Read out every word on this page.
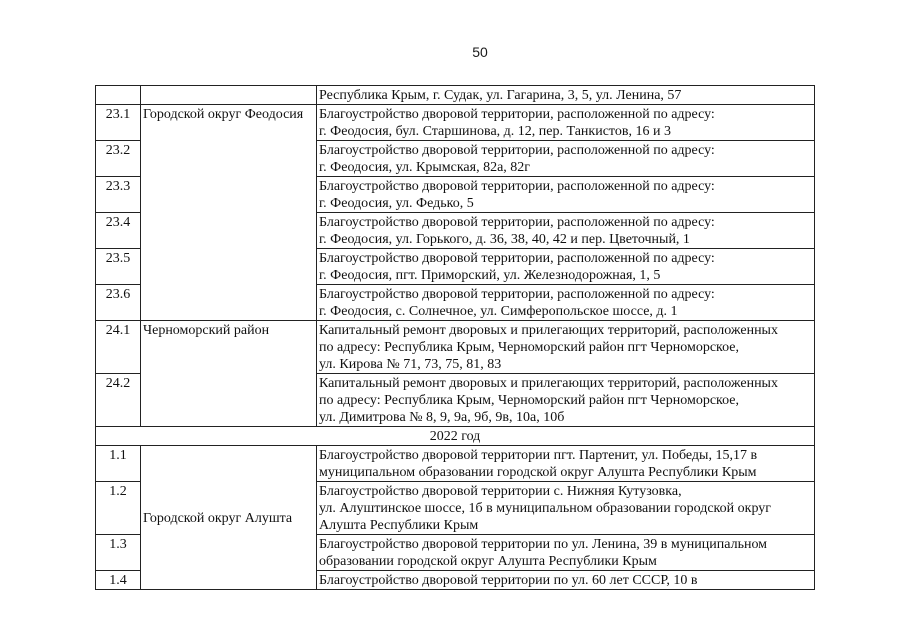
50

		Республика Крым, г. Судак, ул. Гагарина, 3, 5, ул. Ленина, 57

23.1	Городской округ Феодосия	Благоустройство дворовой территории, расположенной по адресу:
г. Феодосия, бул. Старшинова, д. 12, пер. Танкистов, 16 и 3

23.2		Благоустройство дворовой территории, расположенной по адресу:
г. Феодосия, ул. Крымская, 82а, 82г

23.3		Благоустройство дворовой территории, расположенной по адресу:
г. Феодосия, ул. Федько, 5

23.4		Благоустройство дворовой территории, расположенной по адресу:
г. Феодосия, ул. Горького, д. 36, 38, 40, 42 и пер. Цветочный, 1

23.5		Благоустройство дворовой территории, расположенной по адресу:
г. Феодосия, пгт. Приморский, ул. Железнодорожная, 1, 5

23.6		Благоустройство дворовой территории, расположенной по адресу:
г. Феодосия, с. Солнечное, ул. Симферопольское шоссе, д. 1

24.1	Черноморский район	Капитальный ремонт дворовых и прилегающих территорий, расположенных
по адресу: Республика Крым, Черноморский район пгт Черноморское,
ул. Кирова № 71, 73, 75, 81, 83

24.2		Капитальный ремонт дворовых и прилегающих территорий, расположенных
по адресу: Республика Крым, Черноморский район пгт Черноморское,
ул. Димитрова № 8, 9, 9а, 9б, 9в, 10а, 10б

2022 год		
1.1	Городской округ Алушта	Благоустройство дворовой территории пгт. Партенит, ул. Победы, 15,17 в
муниципальном образовании городской округ Алушта Республики Крым

1.2		Благоустройство дворовой территории с. Нижняя Кутузовка,
ул. Алуштинское шоссе, 1б в муниципальном образовании городской округ
Алушта Республики Крым

1.3		Благоустройство дворовой территории по ул. Ленина, 39 в муниципальном
образовании городской округ Алушта Республики Крым

1.4		Благоустройство дворовой территории по ул. 60 лет СССР, 10 в
